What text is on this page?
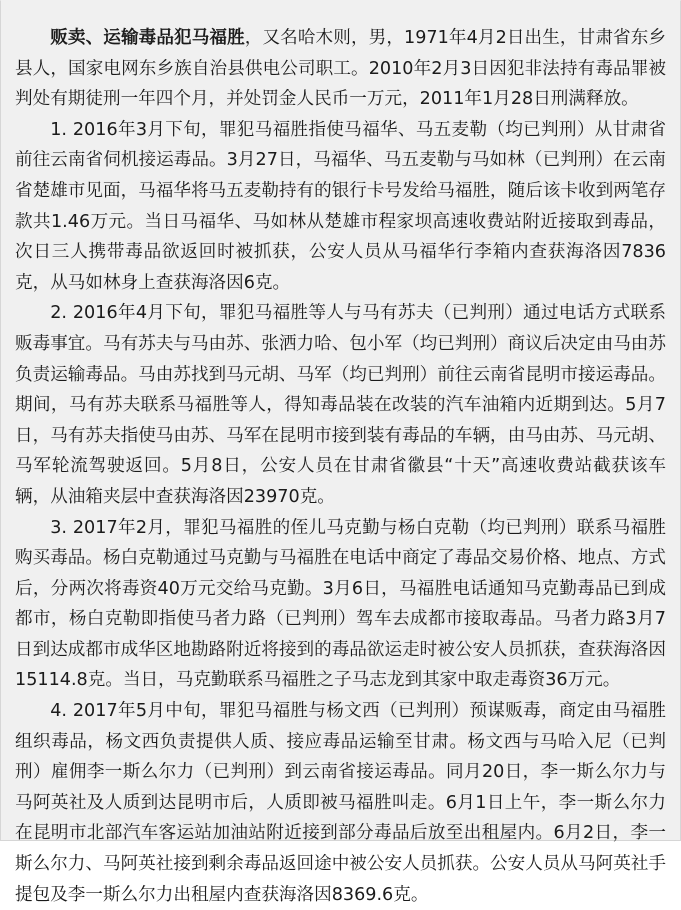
贩卖、运输毒品犯马福胜，又名哈木则，男，1971年4月2日出生，甘肃省东乡县人，国家电网东乡族自治县供电公司职工。2010年2月3日因犯非法持有毒品罪被判处有期徒刑一年四个月，并处罚金人民币一万元，2011年1月28日刑满释放。

1. 2016年3月下旬，罪犯马福胜指使马福华、马五麦勒（均已判刑）从甘肃省前往云南省伺机接运毒品。3月27日，马福华、马五麦勒与马如林（已判刑）在云南省楚雄市见面，马福华将马五麦勒持有的银行卡号发给马福胜，随后该卡收到两笔存款共1.46万元。当日马福华、马如林从楚雄市程家坝高速收费站附近接取到毒品，次日三人携带毒品欲返回时被抓获，公安人员从马福华行李箱内查获海洛因7836克，从马如林身上查获海洛因6克。

2. 2016年4月下旬，罪犯马福胜等人与马有苏夫（已判刑）通过电话方式联系贩毒事宜。马有苏夫与马由苏、张洒力哈、包小军（均已判刑）商议后决定由马由苏负责运输毒品。马由苏找到马元胡、马军（均已判刑）前往云南省昆明市接运毒品。期间，马有苏夫联系马福胜等人，得知毒品装在改装的汽车油箱内近期到达。5月7日，马有苏夫指使马由苏、马军在昆明市接到装有毒品的车辆，由马由苏、马元胡、马军轮流驾驶返回。5月8日，公安人员在甘肃省徽县“十天”高速收费站截获该车辆，从油箱夹层中查获海洛因23970克。

3. 2017年2月，罪犯马福胜的侄儿马克勤与杨白克勒（均已判刑）联系马福胜购买毒品。杨白克勒通过马克勤与马福胜在电话中商定了毒品交易价格、地点、方式后，分两次将毒资40万元交给马克勤。3月6日，马福胜电话通知马克勤毒品已到成都市，杨白克勒即指使马者力路（已判刑）驾车去成都市接取毒品。马者力路3月7日到达成都市成华区地勘路附近将接到的毒品欲运走时被公安人员抓获，查获海洛因15114.8克。当日，马克勤联系马福胜之子马志龙到其家中取走毒资36万元。

4. 2017年5月中旬，罪犯马福胜与杨文西（已判刑）预谋贩毒，商定由马福胜组织毒品，杨文西负责提供人质、接应毒品运输至甘肃。杨文西与马哈入尼（已判刑）雇佣李一斯么尔力（已判刑）到云南省接运毒品。同月20日，李一斯么尔力与马阿英社及人质到达昆明市后，人质即被马福胜叫走。6月1日上午，李一斯么尔力在昆明市北部汽车客运站加油站附近接到部分毒品后放至出租屋内。6月2日，李一斯么尔力、马阿英社接到剩余毒品返回途中被公安人员抓获。公安人员从马阿英社手提包及李一斯么尔力出租屋内查获海洛因8369.6克。
